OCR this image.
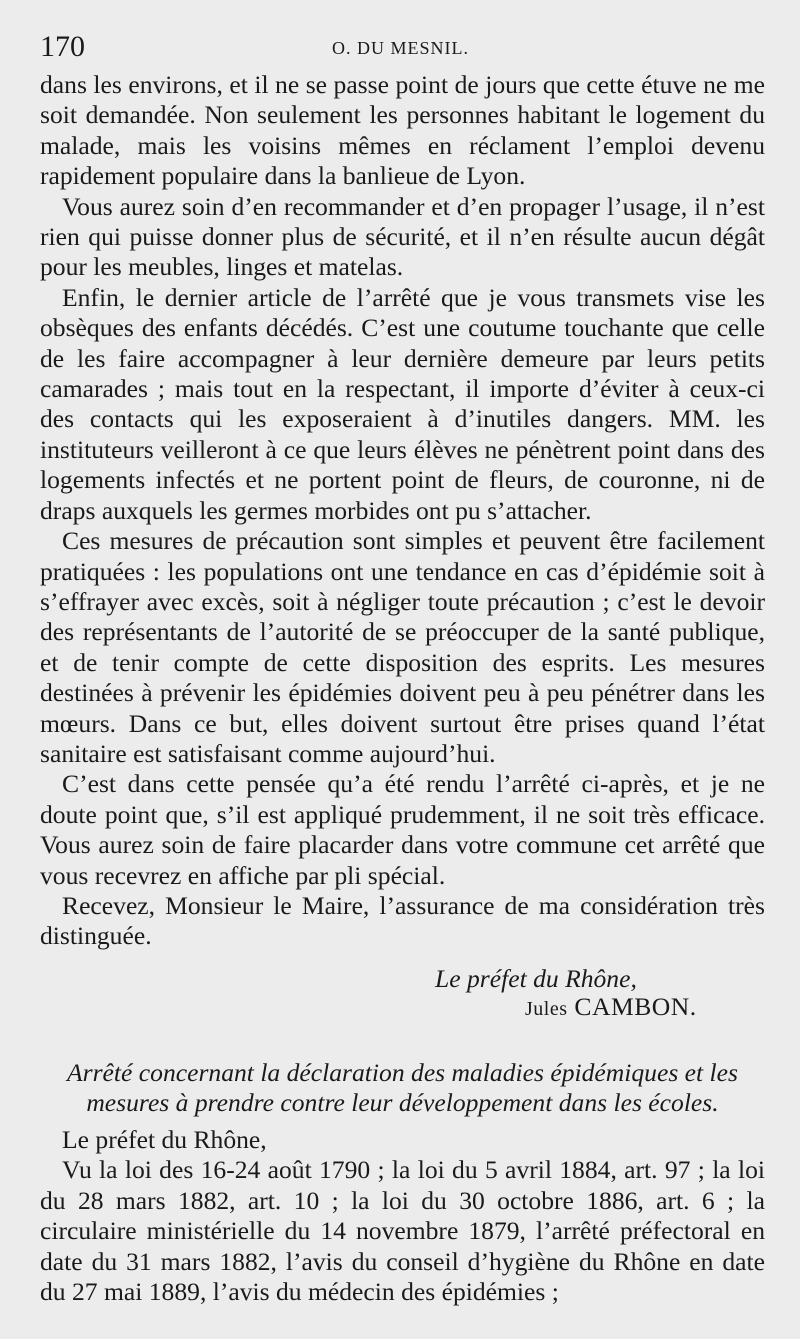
170	O. DU MESNIL.

dans les environs, et il ne se passe point de jours que cette étuve ne me soit demandée. Non seulement les personnes habitant le logement du malade, mais les voisins mêmes en réclament l’emploi devenu rapidement populaire dans la banlieue de Lyon.

Vous aurez soin d’en recommander et d’en propager l’usage, il n’est rien qui puisse donner plus de sécurité, et il n’en résulte aucun dégât pour les meubles, linges et matelas.

Enfin, le dernier article de l’arrêté que je vous transmets vise les obsèques des enfants décédés. C’est une coutume touchante que celle de les faire accompagner à leur dernière demeure par leurs petits camarades ; mais tout en la respectant, il importe d’éviter à ceux-ci des contacts qui les exposeraient à d’inutiles dangers. MM. les instituteurs veilleront à ce que leurs élèves ne pénètrent point dans des logements infectés et ne portent point de fleurs, de couronne, ni de draps auxquels les germes morbides ont pu s’attacher.

Ces mesures de précaution sont simples et peuvent être facilement pratiquées : les populations ont une tendance en cas d’épidémie soit à s’effrayer avec excès, soit à négliger toute précaution ; c’est le devoir des représentants de l’autorité de se préoccuper de la santé publique, et de tenir compte de cette disposition des esprits. Les mesures destinées à prévenir les épidémies doivent peu à peu pénétrer dans les mœurs. Dans ce but, elles doivent surtout être prises quand l’état sanitaire est satisfaisant comme aujourd’hui.

C’est dans cette pensée qu’a été rendu l’arrêté ci-après, et je ne doute point que, s’il est appliqué prudemment, il ne soit très efficace. Vous aurez soin de faire placarder dans votre commune cet arrêté que vous recevrez en affiche par pli spécial.

Recevez, Monsieur le Maire, l’assurance de ma considération très distinguée.

Le préfet du Rhône,
Jules CAMBON.
Arrêté concernant la déclaration des maladies épidémiques et les mesures à prendre contre leur développement dans les écoles.

Le préfet du Rhône,

Vu la loi des 16-24 août 1790 ; la loi du 5 avril 1884, art. 97 ; la loi du 28 mars 1882, art. 10 ; la loi du 30 octobre 1886, art. 6 ; la circulaire ministérielle du 14 novembre 1879, l’arrêté préfectoral en date du 31 mars 1882, l’avis du conseil d’hygiène du Rhône en date du 27 mai 1889, l’avis du médecin des épidémies ;
